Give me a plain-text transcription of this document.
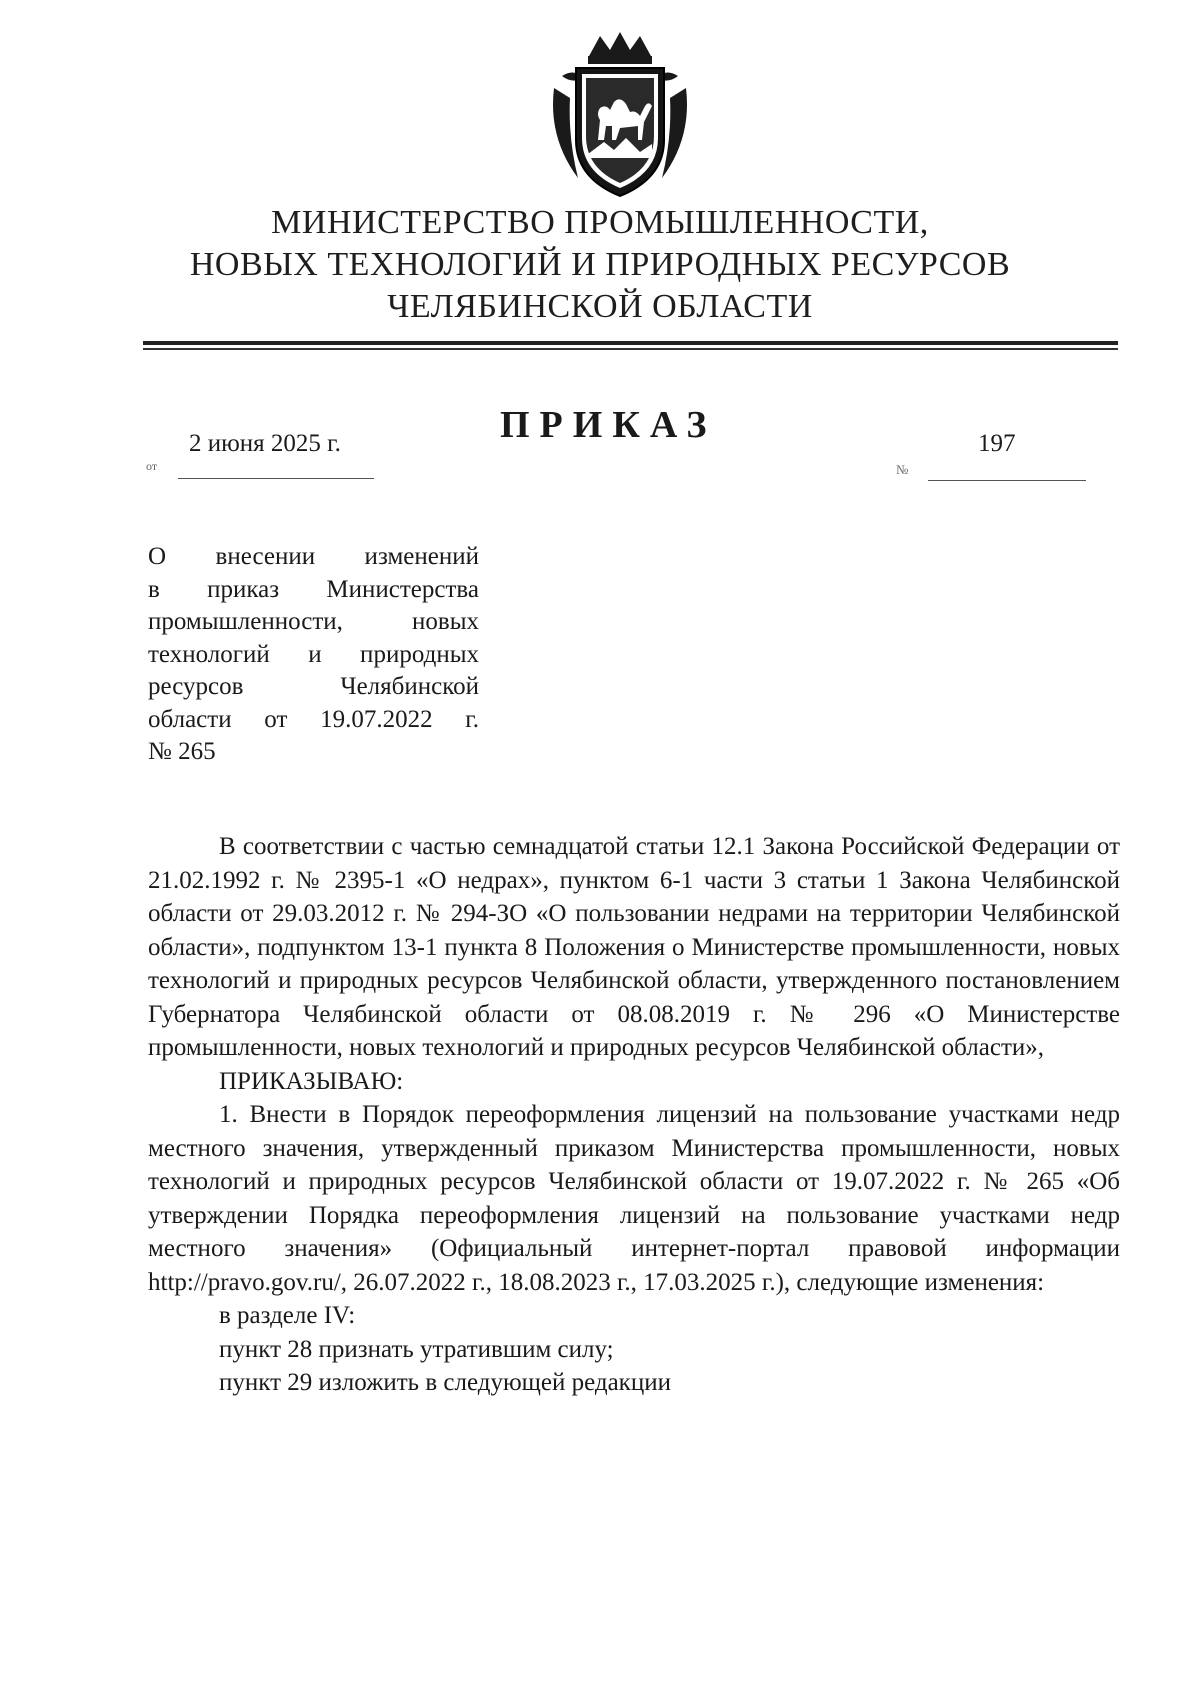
МИНИСТЕРСТВО ПРОМЫШЛЕННОСТИ,
НОВЫХ ТЕХНОЛОГИЙ И ПРИРОДНЫХ РЕСУРСОВ
ЧЕЛЯБИНСКОЙ ОБЛАСТИ
ПРИКАЗ
2 июня 2025 г.
от
197
№
О внесении изменений
в приказ Министерства
промышленности, новых
технологий и природных
ресурсов Челябинской
области от 19.07.2022 г.
№ 265

В соответствии с частью семнадцатой статьи 12.1 Закона Российской Федерации от 21.02.1992 г. № 2395-1 «О недрах», пунктом 6-1 части 3 статьи 1 Закона Челябинской области от 29.03.2012 г. № 294-ЗО «О пользовании недрами на территории Челябинской области», подпунктом 13-1 пункта 8 Положения о Министерстве промышленности, новых технологий и природных ресурсов Челябинской области, утвержденного постановлением Губернатора Челябинской области от 08.08.2019 г. № 296 «О Министерстве промышленности, новых технологий и природных ресурсов Челябинской области»,

ПРИКАЗЫВАЮ:

1. Внести в Порядок переоформления лицензий на пользование участками недр местного значения, утвержденный приказом Министерства промышленности, новых технологий и природных ресурсов Челябинской области от 19.07.2022 г. № 265 «Об утверждении Порядка переоформления лицензий на пользование участками недр местного значения» (Официальный интернет-портал правовой информации http://pravo.gov.ru/, 26.07.2022 г., 18.08.2023 г., 17.03.2025 г.), следующие изменения:

в разделе IV:

пункт 28 признать утратившим силу;

пункт 29 изложить в следующей редакции
